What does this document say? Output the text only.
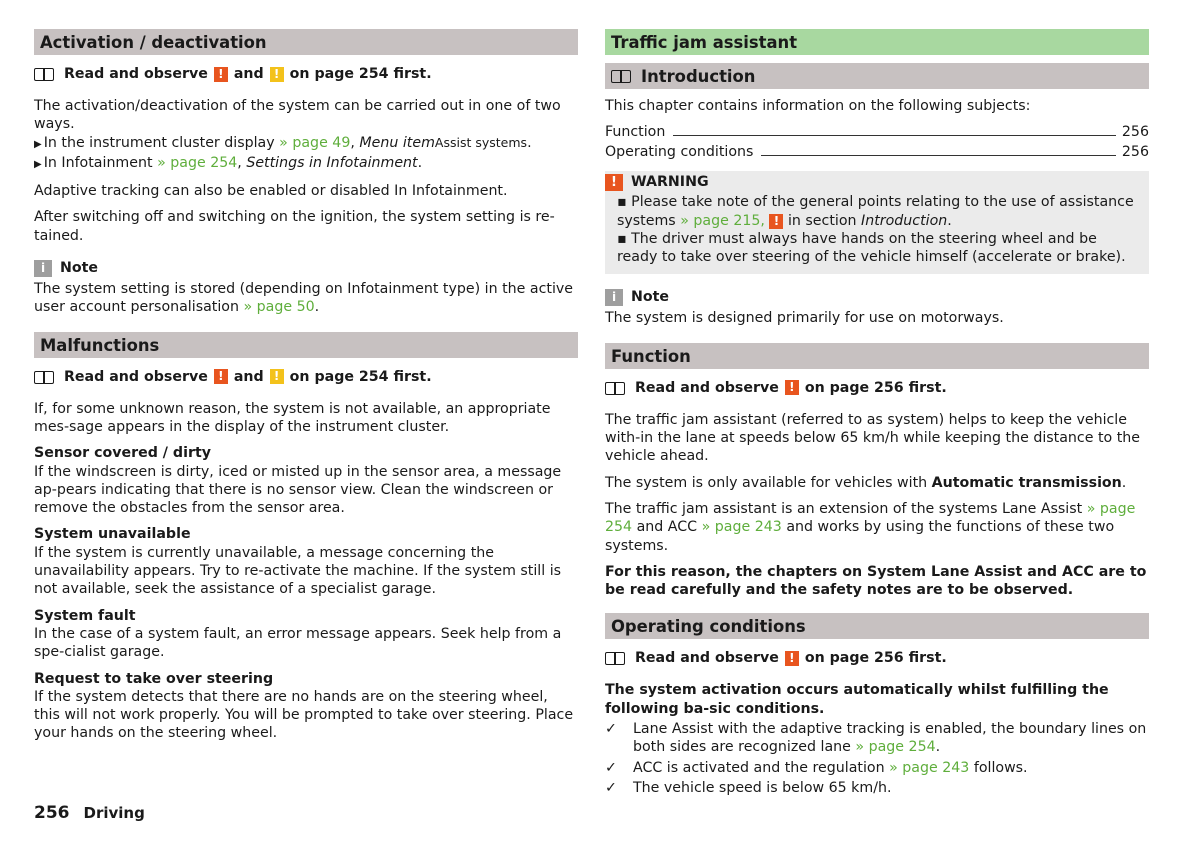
Activation / deactivation
Read and observe ! and ! on page 254 first.

The activation/deactivation of the system can be carried out in one of two ways.

▶ In the instrument cluster display » page 49, Menu itemAssist systems.
▶ In Infotainment » page 254, Settings in Infotainment.

Adaptive tracking can also be enabled or disabled In Infotainment.

After switching off and switching on the ignition, the system setting is re-tained.

i	Note

The system setting is stored (depending on Infotainment type) in the active user account personalisation » page 50.

Malfunctions
Read and observe ! and ! on page 254 first.

If, for some unknown reason, the system is not available, an appropriate mes-sage appears in the display of the instrument cluster.

Sensor covered / dirty

If the windscreen is dirty, iced or misted up in the sensor area, a message ap-pears indicating that there is no sensor view. Clean the windscreen or remove the obstacles from the sensor area.

System unavailable

If the system is currently unavailable, a message concerning the unavailability appears. Try to re-activate the machine. If the system still is not available, seek the assistance of a specialist garage.

System fault

In the case of a system fault, an error message appears. Seek help from a spe-cialist garage.

Request to take over steering

If the system detects that there are no hands are on the steering wheel, this will not work properly. You will be prompted to take over steering. Place your hands on the steering wheel.

Traffic jam assistant
Introduction

This chapter contains information on the following subjects:

Function	256
Operating conditions	256
! WARNING
▪ Please take note of the general points relating to the use of assistance systems » page 215, ! in section Introduction.
▪ The driver must always have hands on the steering wheel and be ready to take over steering of the vehicle himself (accelerate or brake).
i	Note

The system is designed primarily for use on motorways.

Function
Read and observe ! on page 256 first.

The traffic jam assistant (referred to as system) helps to keep the vehicle with-in the lane at speeds below 65 km/h while keeping the distance to the vehicle ahead.

The system is only available for vehicles with Automatic transmission.

The traffic jam assistant is an extension of the systems Lane Assist » page 254 and ACC » page 243 and works by using the functions of these two systems.

For this reason, the chapters on System Lane Assist and ACC are to be read carefully and the safety notes are to be observed.

Operating conditions
Read and observe ! on page 256 first.

The system activation occurs automatically whilst fulfilling the following ba-sic conditions.

✓	Lane Assist with the adaptive tracking is enabled, the boundary lines on both sides are recognized lane » page 254.
✓	ACC is activated and the regulation » page 243 follows.
✓	The vehicle speed is below 65 km/h.
256 Driving
